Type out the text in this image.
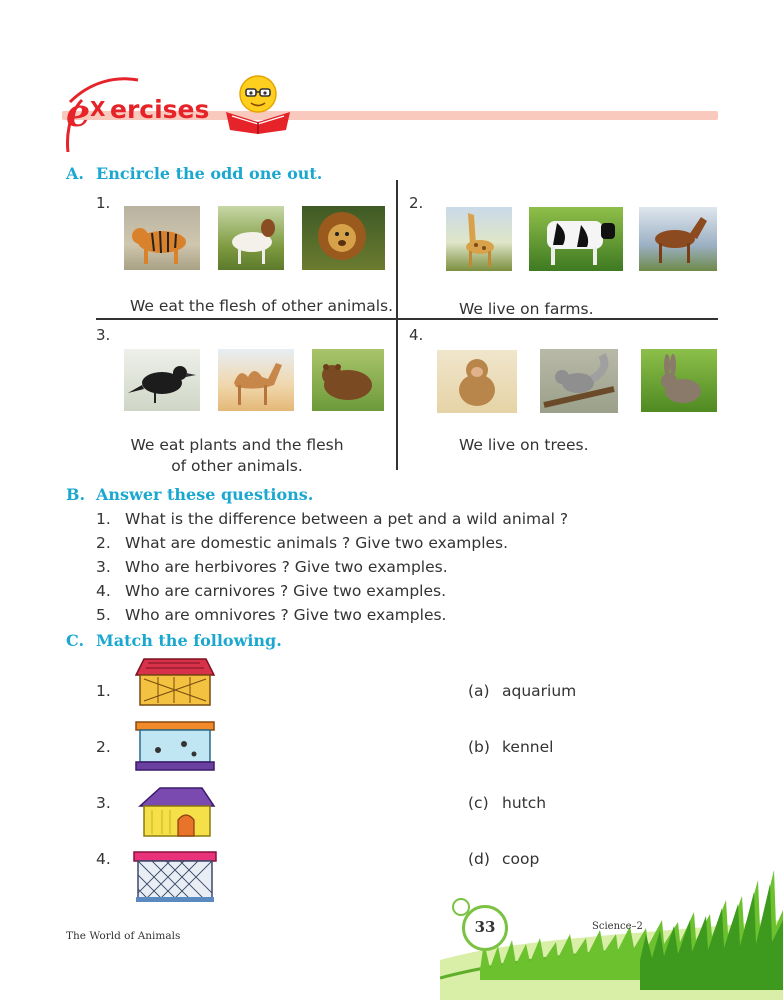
e X ercises
A. Encircle the odd one out.
1.
We eat the flesh of other animals.
2.
We live on farms.
3.
We eat plants and the flesh
of other animals.
4.
We live on trees.
B. Answer these questions.
1. What is the difference between a pet and a wild animal ?
2. What are domestic animals ? Give two examples.
3. Who are herbivores ? Give two examples.
4. Who are carnivores ? Give two examples.
5. Who are omnivores ? Give two examples.
C. Match the following.
1.
2.
3.
4.
(a) aquarium
(b) kennel
(c) hutch
(d) coop
33	Science–2
The World of Animals
